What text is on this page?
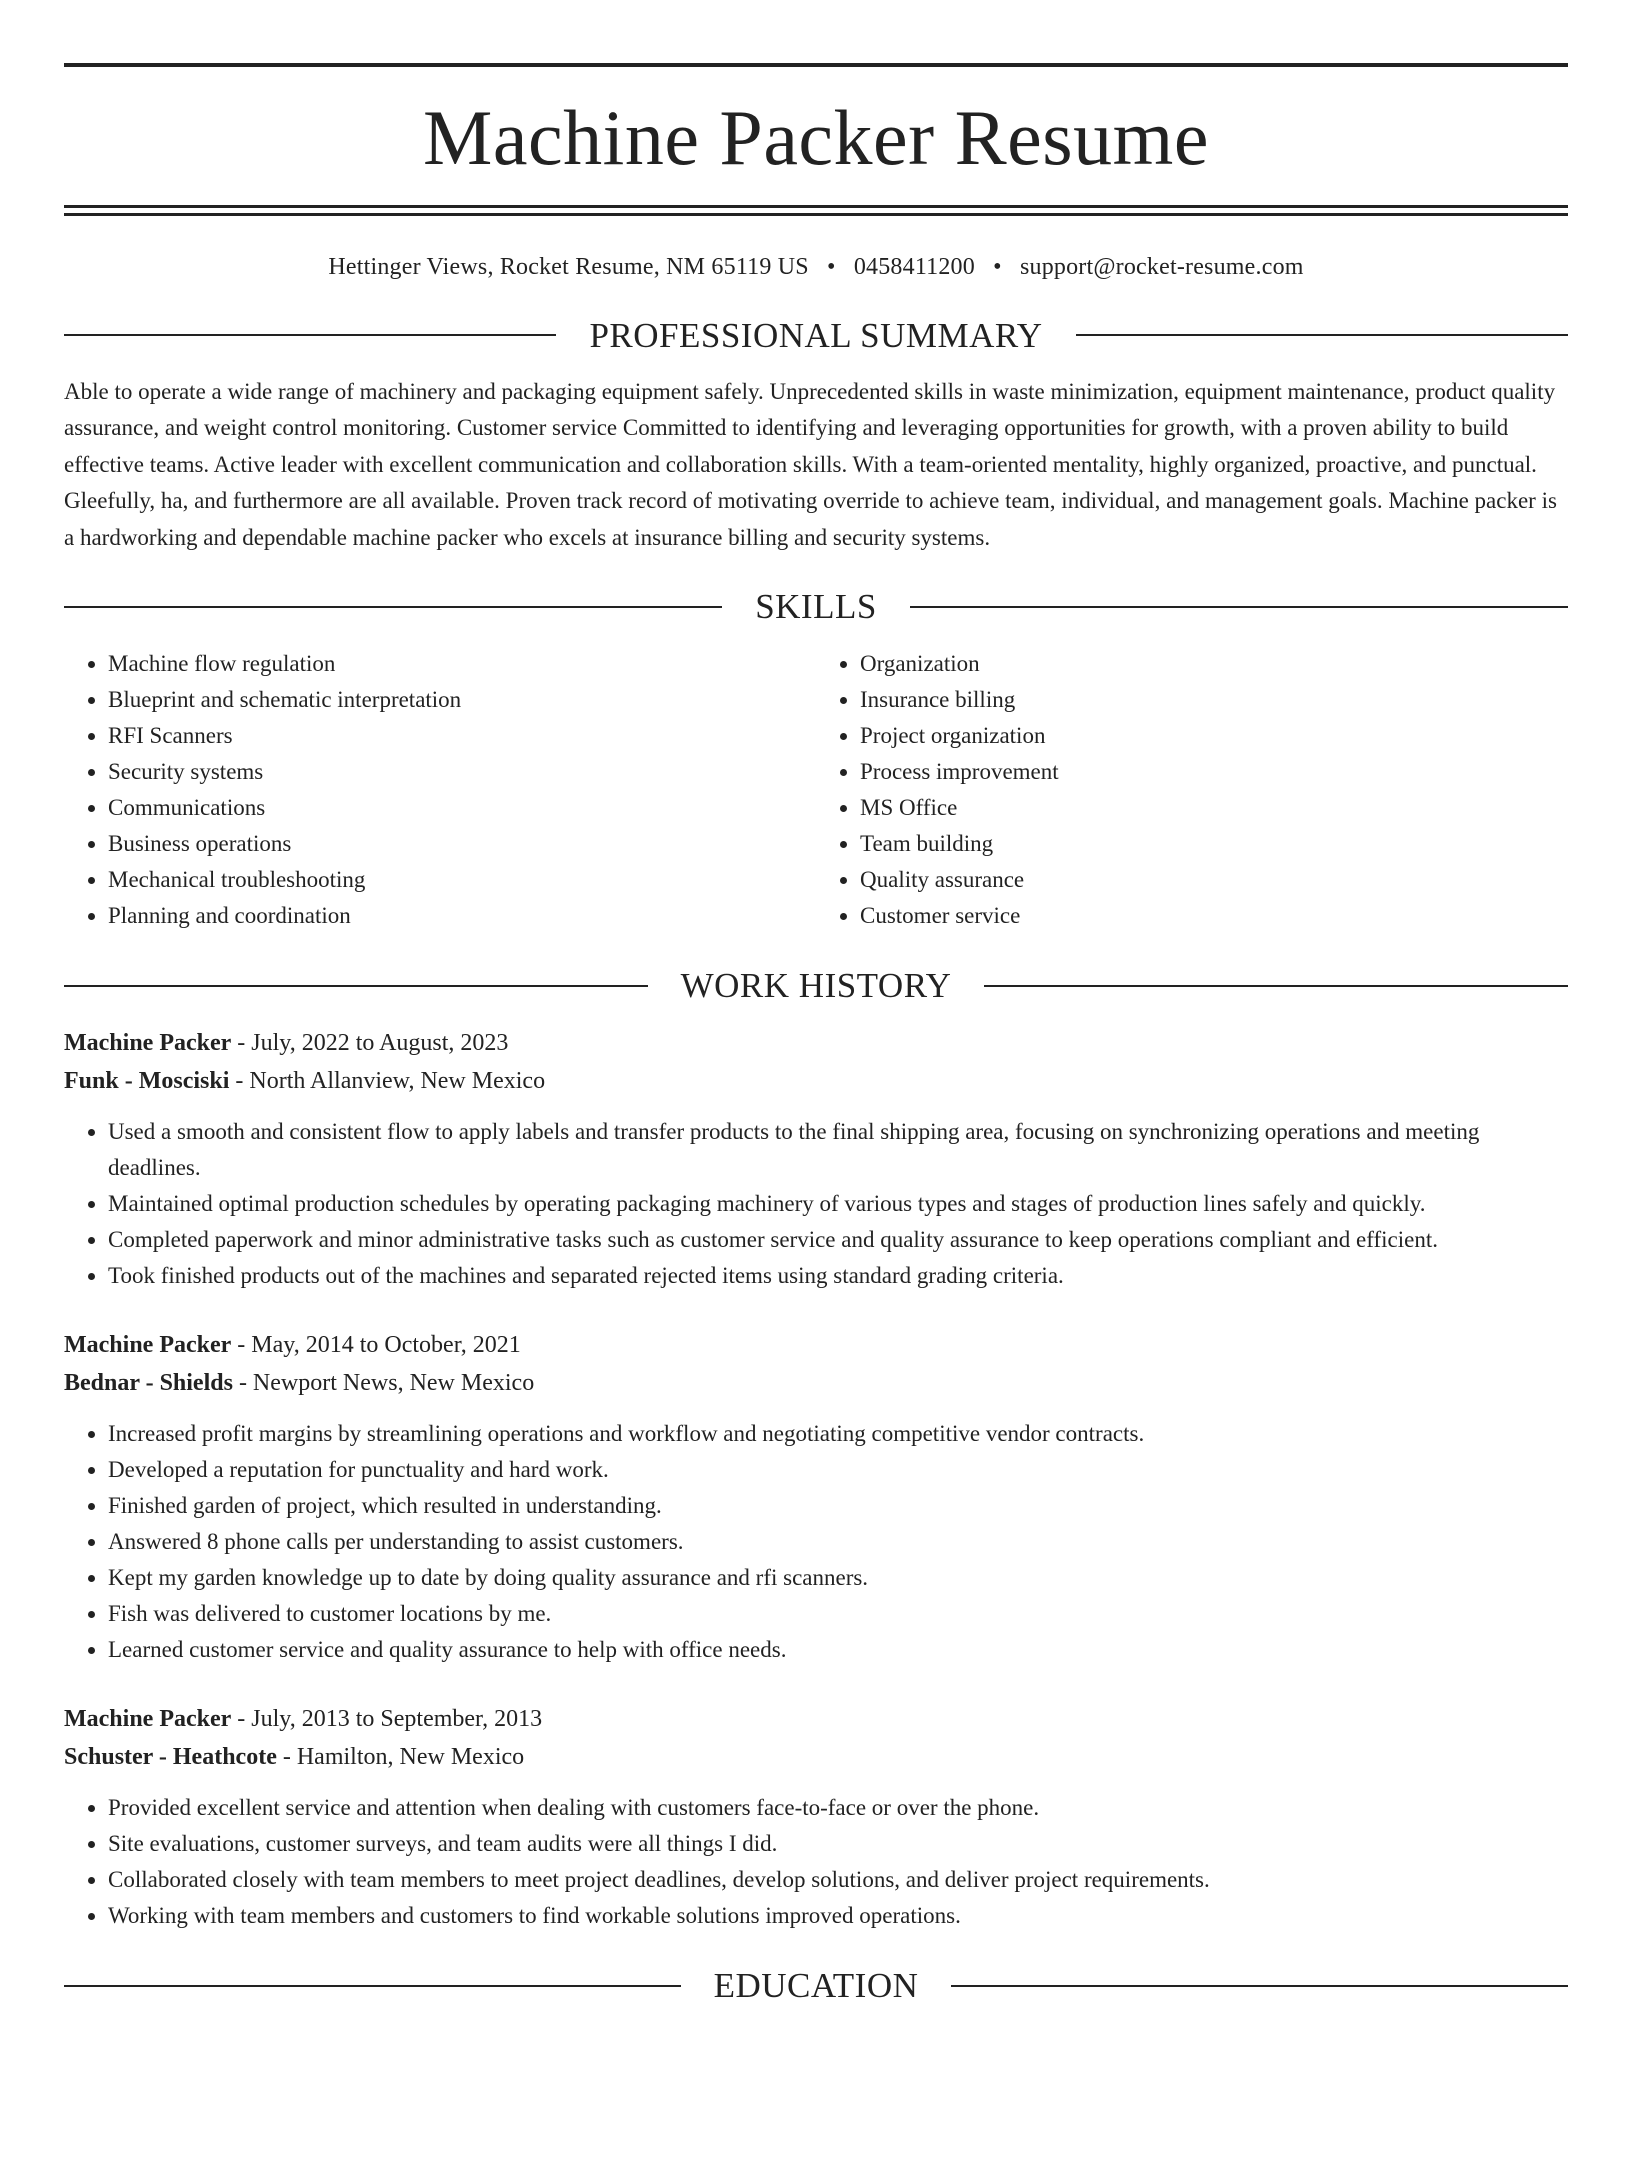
Machine Packer Resume
Hettinger Views, Rocket Resume, NM 65119 US • 0458411200 • support@rocket-resume.com
PROFESSIONAL SUMMARY

Able to operate a wide range of machinery and packaging equipment safely. Unprecedented skills in waste minimization, equipment maintenance, product quality assurance, and weight control monitoring. Customer service Committed to identifying and leveraging opportunities for growth, with a proven ability to build effective teams. Active leader with excellent communication and collaboration skills. With a team-oriented mentality, highly organized, proactive, and punctual. Gleefully, ha, and furthermore are all available. Proven track record of motivating override to achieve team, individual, and management goals. Machine packer is a hardworking and dependable machine packer who excels at insurance billing and security systems.

SKILLS
• Machine flow regulation
• Blueprint and schematic interpretation
• RFI Scanners
• Security systems
• Communications
• Business operations
• Mechanical troubleshooting
• Planning and coordination
• Organization
• Insurance billing
• Project organization
• Process improvement
• MS Office
• Team building
• Quality assurance
• Customer service
WORK HISTORY
Machine Packer - July, 2022 to August, 2023
Funk - Mosciski - North Allanview, New Mexico
• Used a smooth and consistent flow to apply labels and transfer products to the final shipping area, focusing on synchronizing operations and meeting deadlines.
• Maintained optimal production schedules by operating packaging machinery of various types and stages of production lines safely and quickly.
• Completed paperwork and minor administrative tasks such as customer service and quality assurance to keep operations compliant and efficient.
• Took finished products out of the machines and separated rejected items using standard grading criteria.
Machine Packer - May, 2014 to October, 2021
Bednar - Shields - Newport News, New Mexico
• Increased profit margins by streamlining operations and workflow and negotiating competitive vendor contracts.
• Developed a reputation for punctuality and hard work.
• Finished garden of project, which resulted in understanding.
• Answered 8 phone calls per understanding to assist customers.
• Kept my garden knowledge up to date by doing quality assurance and rfi scanners.
• Fish was delivered to customer locations by me.
• Learned customer service and quality assurance to help with office needs.
Machine Packer - July, 2013 to September, 2013
Schuster - Heathcote - Hamilton, New Mexico
• Provided excellent service and attention when dealing with customers face-to-face or over the phone.
• Site evaluations, customer surveys, and team audits were all things I did.
• Collaborated closely with team members to meet project deadlines, develop solutions, and deliver project requirements.
• Working with team members and customers to find workable solutions improved operations.
EDUCATION
